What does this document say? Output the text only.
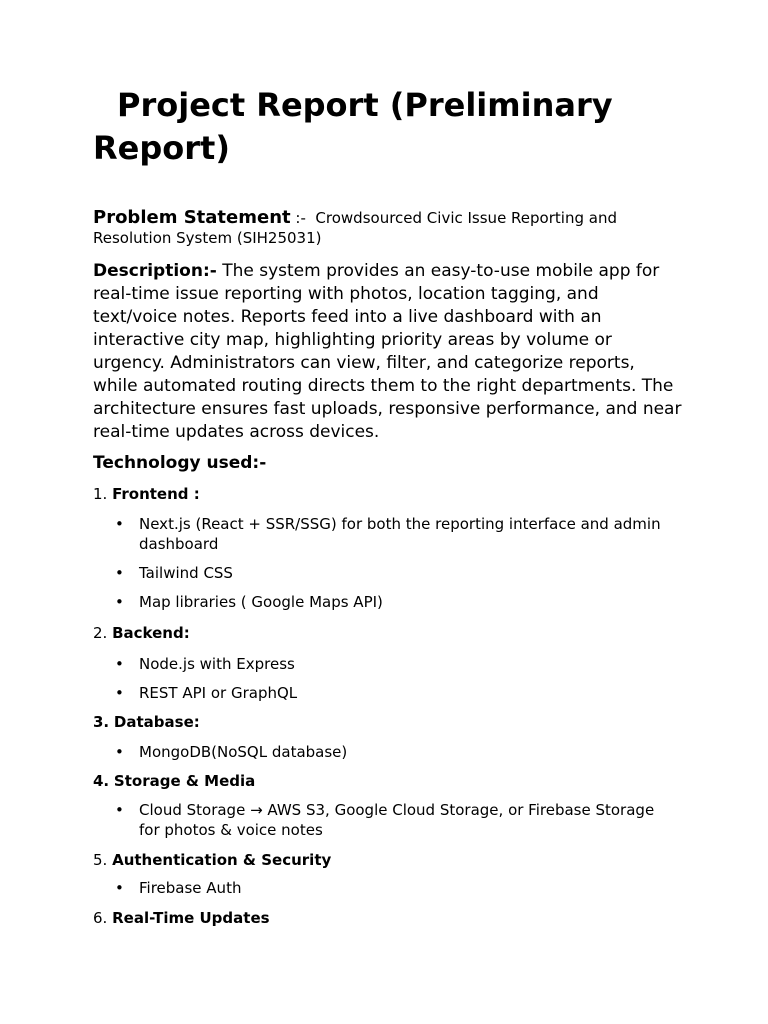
Project Report (Preliminary Report)
Problem Statement :-  Crowdsourced Civic Issue Reporting and Resolution System (SIH25031)
Description:- The system provides an easy-to-use mobile app for real-time issue reporting with photos, location tagging, and text/voice notes. Reports feed into a live dashboard with an interactive city map, highlighting priority areas by volume or urgency. Administrators can view, filter, and categorize reports, while automated routing directs them to the right departments. The architecture ensures fast uploads, responsive performance, and near real-time updates across devices.
Technology used:-
1. Frontend :
• Next.js (React + SSR/SSG) for both the reporting interface and admin dashboard
• Tailwind CSS
• Map libraries ( Google Maps API)
2. Backend:
• Node.js with Express
• REST API or GraphQL
3. Database:
• MongoDB(NoSQL database)
4. Storage & Media
• Cloud Storage → AWS S3, Google Cloud Storage, or Firebase Storage for photos & voice notes
5. Authentication & Security
• Firebase Auth
6. Real-Time Updates
